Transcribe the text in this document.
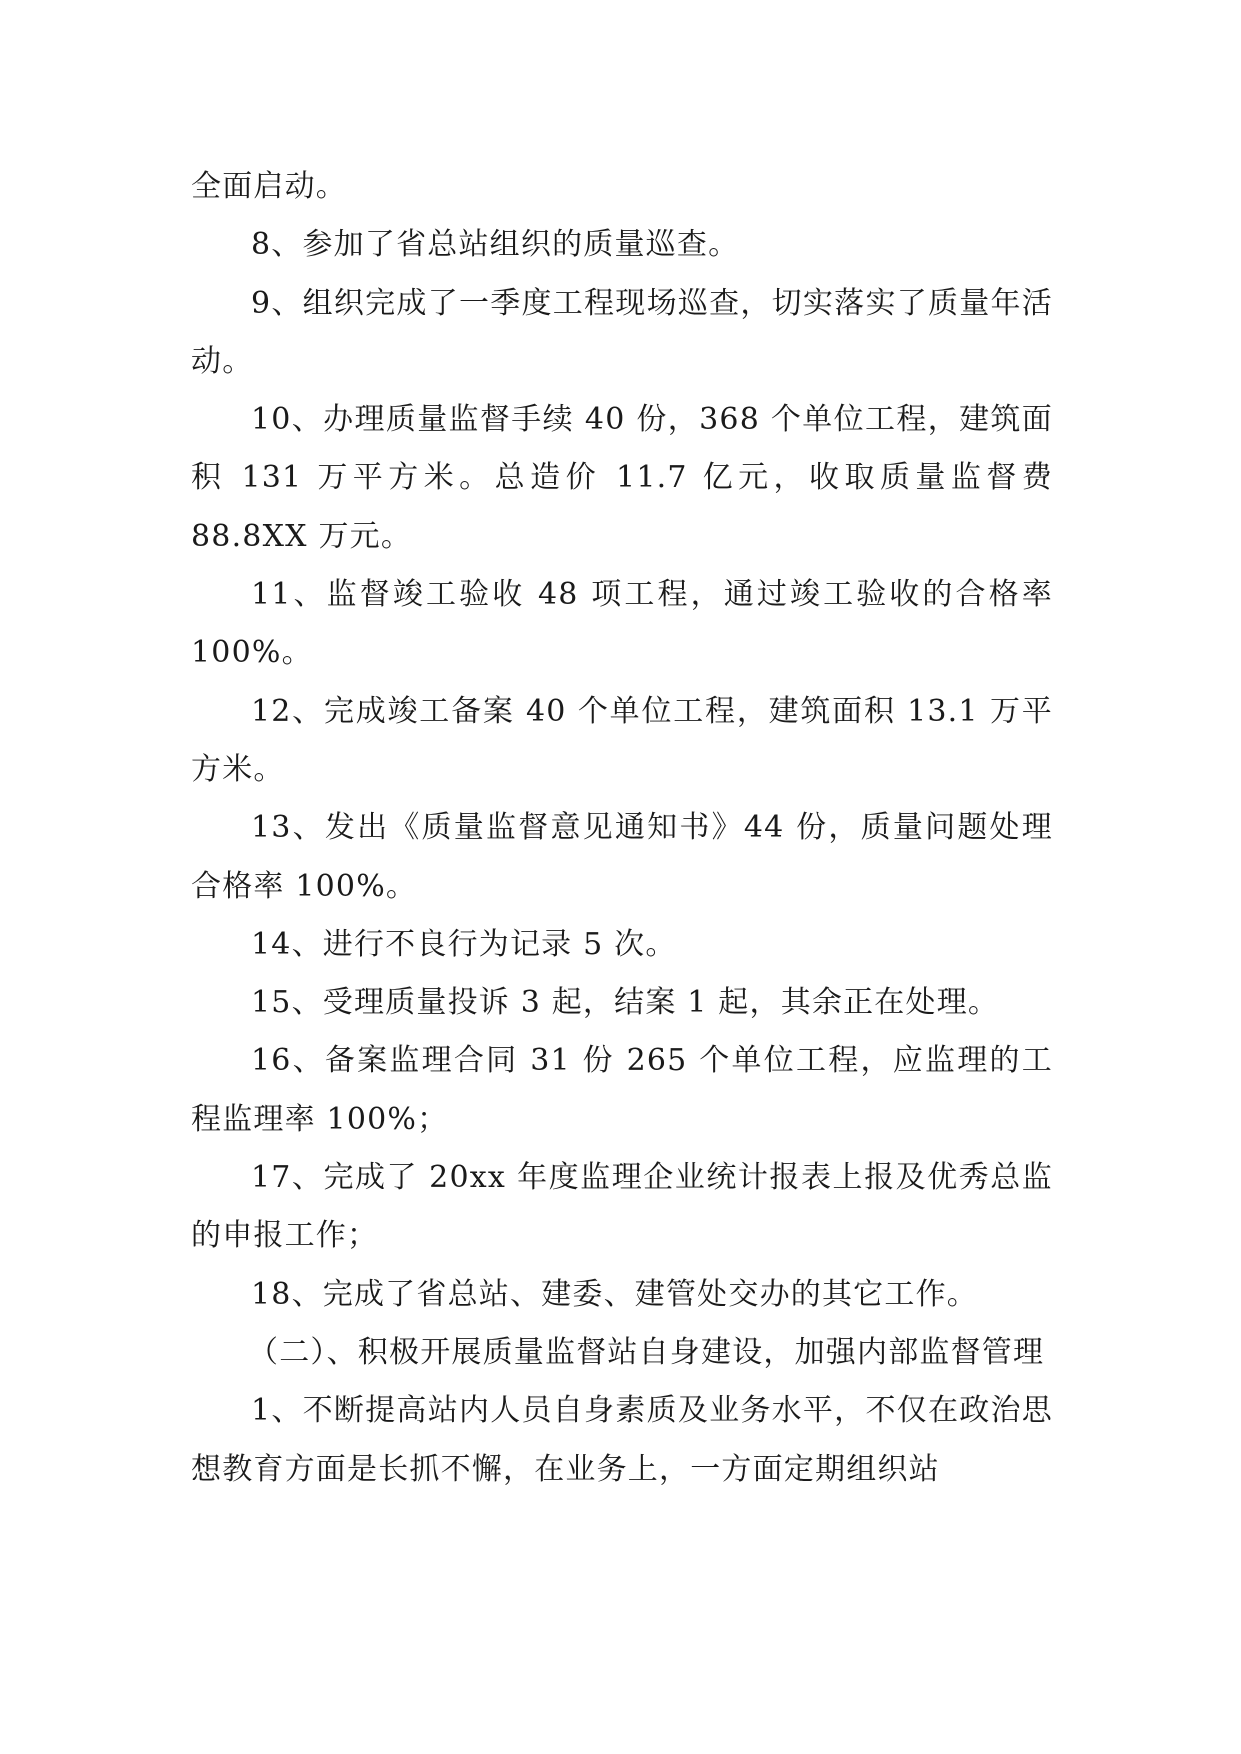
全面启动。

8、参加了省总站组织的质量巡查。

9、组织完成了一季度工程现场巡查，切实落实了质量年活动。

10、办理质量监督手续 40 份，368 个单位工程，建筑面积 131 万平方米。总造价 11.7 亿元，收取质量监督费 88.8XX 万元。

11、监督竣工验收 48 项工程，通过竣工验收的合格率 100%。

12、完成竣工备案 40 个单位工程，建筑面积 13.1 万平方米。

13、发出《质量监督意见通知书》44 份，质量问题处理合格率 100%。

14、进行不良行为记录 5 次。

15、受理质量投诉 3 起，结案 1 起，其余正在处理。

16、备案监理合同 31 份 265 个单位工程，应监理的工程监理率 100%；

17、完成了 20xx 年度监理企业统计报表上报及优秀总监的申报工作；

18、完成了省总站、建委、建管处交办的其它工作。

（二）、积极开展质量监督站自身建设，加强内部监督管理

1、不断提高站内人员自身素质及业务水平，不仅在政治思想教育方面是长抓不懈，在业务上，一方面定期组织站
